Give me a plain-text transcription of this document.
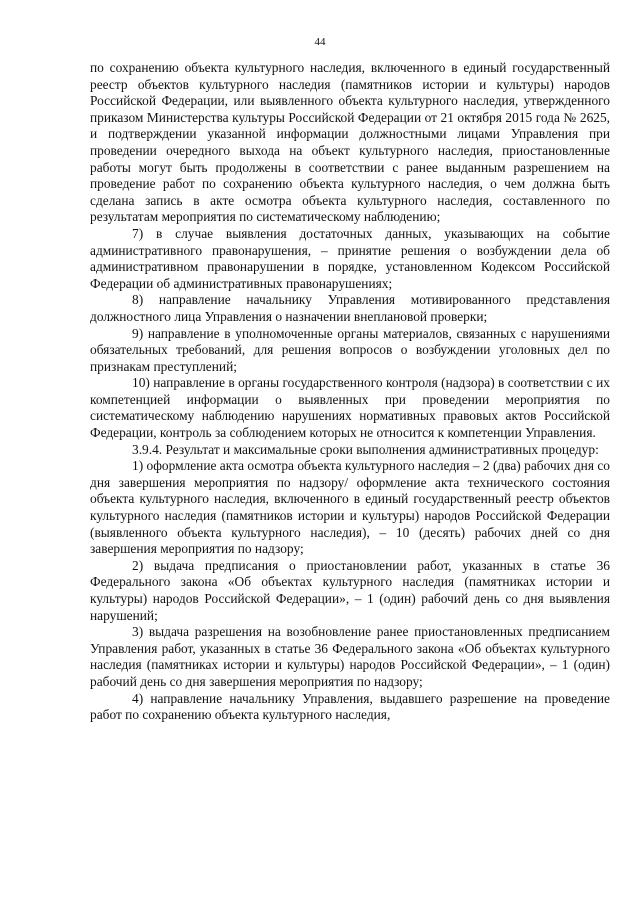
44

по сохранению объекта культурного наследия, включенного в единый государственный реестр объектов культурного наследия (памятников истории и культуры) народов Российской Федерации, или выявленного объекта культурного наследия, утвержденного приказом Министерства культуры Российской Федерации от 21 октября 2015 года № 2625, и подтверждении указанной информации должностными лицами Управления при проведении очередного выхода на объект культурного наследия, приостановленные работы могут быть продолжены в соответствии с ранее выданным разрешением на проведение работ по сохранению объекта культурного наследия, о чем должна быть сделана запись в акте осмотра объекта культурного наследия, составленного по результатам мероприятия по систематическому наблюдению;

7) в случае выявления достаточных данных, указывающих на событие административного правонарушения, – принятие решения о возбуждении дела об административном правонарушении в порядке, установленном Кодексом Российской Федерации об административных правонарушениях;

8) направление начальнику Управления мотивированного представления должностного лица Управления о назначении внеплановой проверки;

9) направление в уполномоченные органы материалов, связанных с нарушениями обязательных требований, для решения вопросов о возбуждении уголовных дел по признакам преступлений;

10) направление в органы государственного контроля (надзора) в соответствии с их компетенцией информации о выявленных при проведении мероприятия по систематическому наблюдению нарушениях нормативных правовых актов Российской Федерации, контроль за соблюдением которых не относится к компетенции Управления.

3.9.4. Результат и максимальные сроки выполнения административных процедур:

1) оформление акта осмотра объекта культурного наследия – 2 (два) рабочих дня со дня завершения мероприятия по надзору/ оформление акта технического состояния объекта культурного наследия, включенного в единый государственный реестр объектов культурного наследия (памятников истории и культуры) народов Российской Федерации (выявленного объекта культурного наследия), – 10 (десять) рабочих дней со дня завершения мероприятия по надзору;

2) выдача предписания о приостановлении работ, указанных в статье 36 Федерального закона «Об объектах культурного наследия (памятниках истории и культуры) народов Российской Федерации», – 1 (один) рабочий день со дня выявления нарушений;

3) выдача разрешения на возобновление ранее приостановленных предписанием Управления работ, указанных в статье 36 Федерального закона «Об объектах культурного наследия (памятниках истории и культуры) народов Российской Федерации», – 1 (один) рабочий день со дня завершения мероприятия по надзору;

4) направление начальнику Управления, выдавшего разрешение на проведение работ по сохранению объекта культурного наследия,
